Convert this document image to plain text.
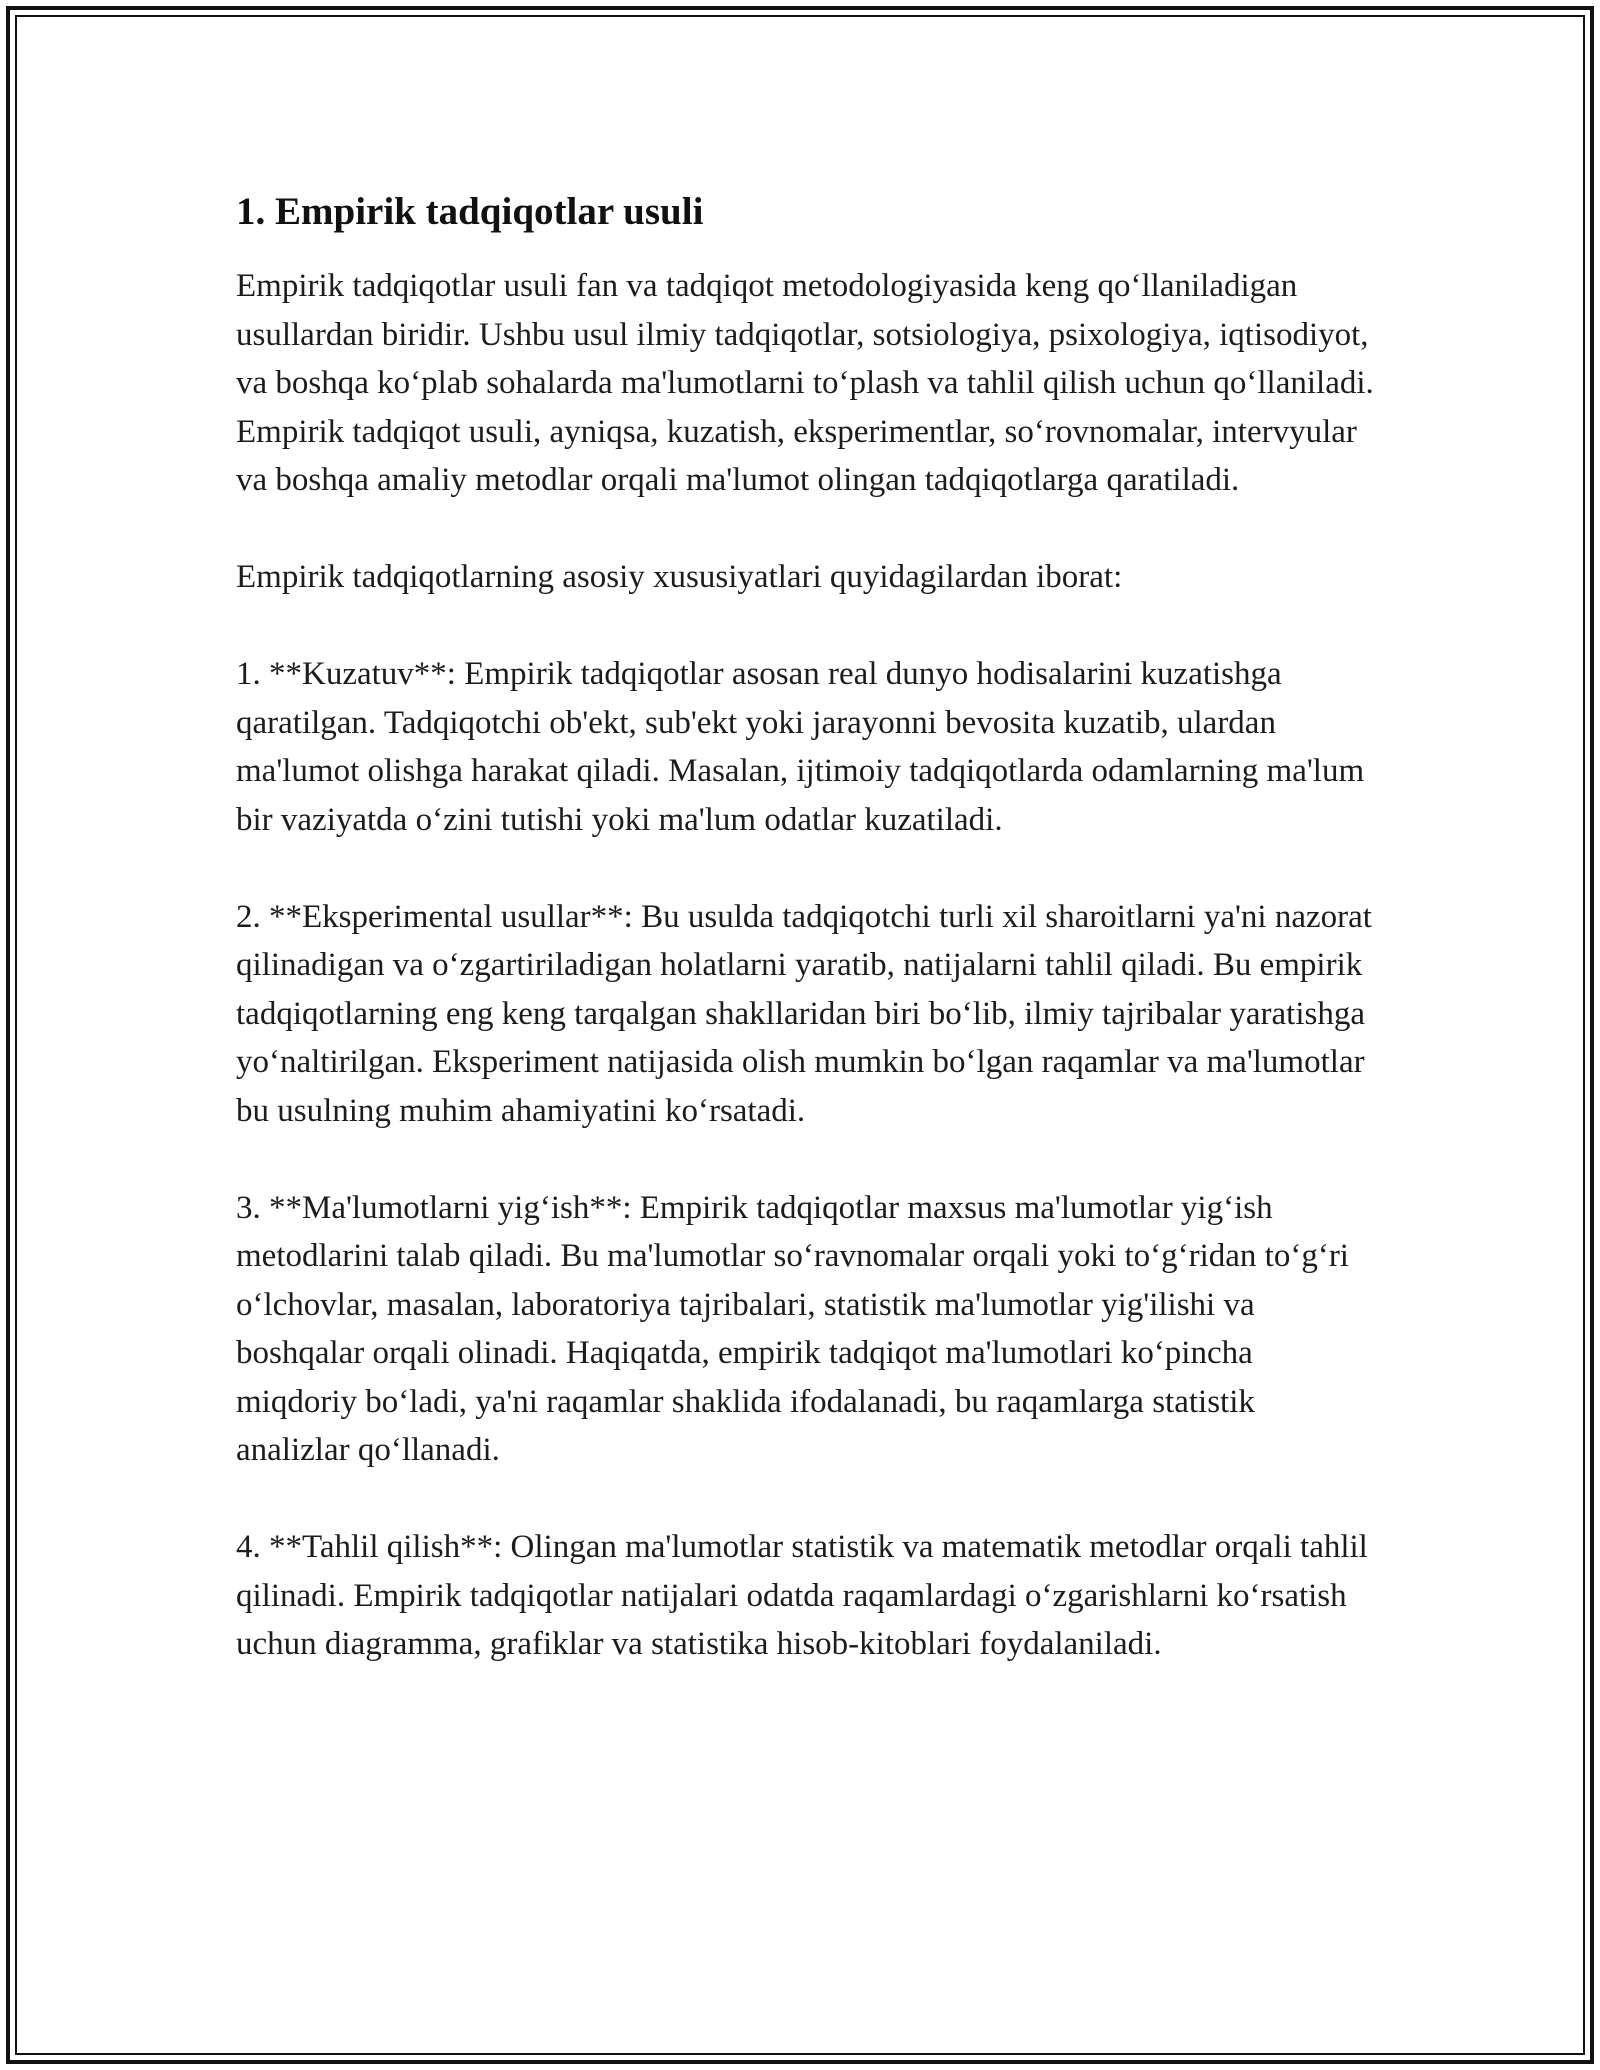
1. Empirik tadqiqotlar usuli

Empirik tadqiqotlar usuli fan va tadqiqot metodologiyasida keng qo‘llaniladigan usullardan biridir. Ushbu usul ilmiy tadqiqotlar, sotsiologiya, psixologiya, iqtisodiyot, va boshqa ko‘plab sohalarda ma'lumotlarni to‘plash va tahlil qilish uchun qo‘llaniladi. Empirik tadqiqot usuli, ayniqsa, kuzatish, eksperimentlar, so‘rovnomalar, intervyular va boshqa amaliy metodlar orqali ma'lumot olingan tadqiqotlarga qaratiladi.

Empirik tadqiqotlarning asosiy xususiyatlari quyidagilardan iborat:

1. **Kuzatuv**: Empirik tadqiqotlar asosan real dunyo hodisalarini kuzatishga qaratilgan. Tadqiqotchi ob'ekt, sub'ekt yoki jarayonni bevosita kuzatib, ulardan ma'lumot olishga harakat qiladi. Masalan, ijtimoiy tadqiqotlarda odamlarning ma'lum bir vaziyatda o‘zini tutishi yoki ma'lum odatlar kuzatiladi.

2. **Eksperimental usullar**: Bu usulda tadqiqotchi turli xil sharoitlarni ya'ni nazorat qilinadigan va o‘zgartiriladigan holatlarni yaratib, natijalarni tahlil qiladi. Bu empirik tadqiqotlarning eng keng tarqalgan shakllaridan biri bo‘lib, ilmiy tajribalar yaratishga yo‘naltirilgan. Eksperiment natijasida olish mumkin bo‘lgan raqamlar va ma'lumotlar bu usulning muhim ahamiyatini ko‘rsatadi.

3. **Ma'lumotlarni yig‘ish**: Empirik tadqiqotlar maxsus ma'lumotlar yig‘ish metodlarini talab qiladi. Bu ma'lumotlar so‘ravnomalar orqali yoki to‘g‘ridan to‘g‘ri o‘lchovlar, masalan, laboratoriya tajribalari, statistik ma'lumotlar yig'ilishi va boshqalar orqali olinadi. Haqiqatda, empirik tadqiqot ma'lumotlari ko‘pincha miqdoriy bo‘ladi, ya'ni raqamlar shaklida ifodalanadi, bu raqamlarga statistik analizlar qo‘llanadi.

4. **Tahlil qilish**: Olingan ma'lumotlar statistik va matematik metodlar orqali tahlil qilinadi. Empirik tadqiqotlar natijalari odatda raqamlardagi o‘zgarishlarni ko‘rsatish uchun diagramma, grafiklar va statistika hisob-kitoblari foydalaniladi.
